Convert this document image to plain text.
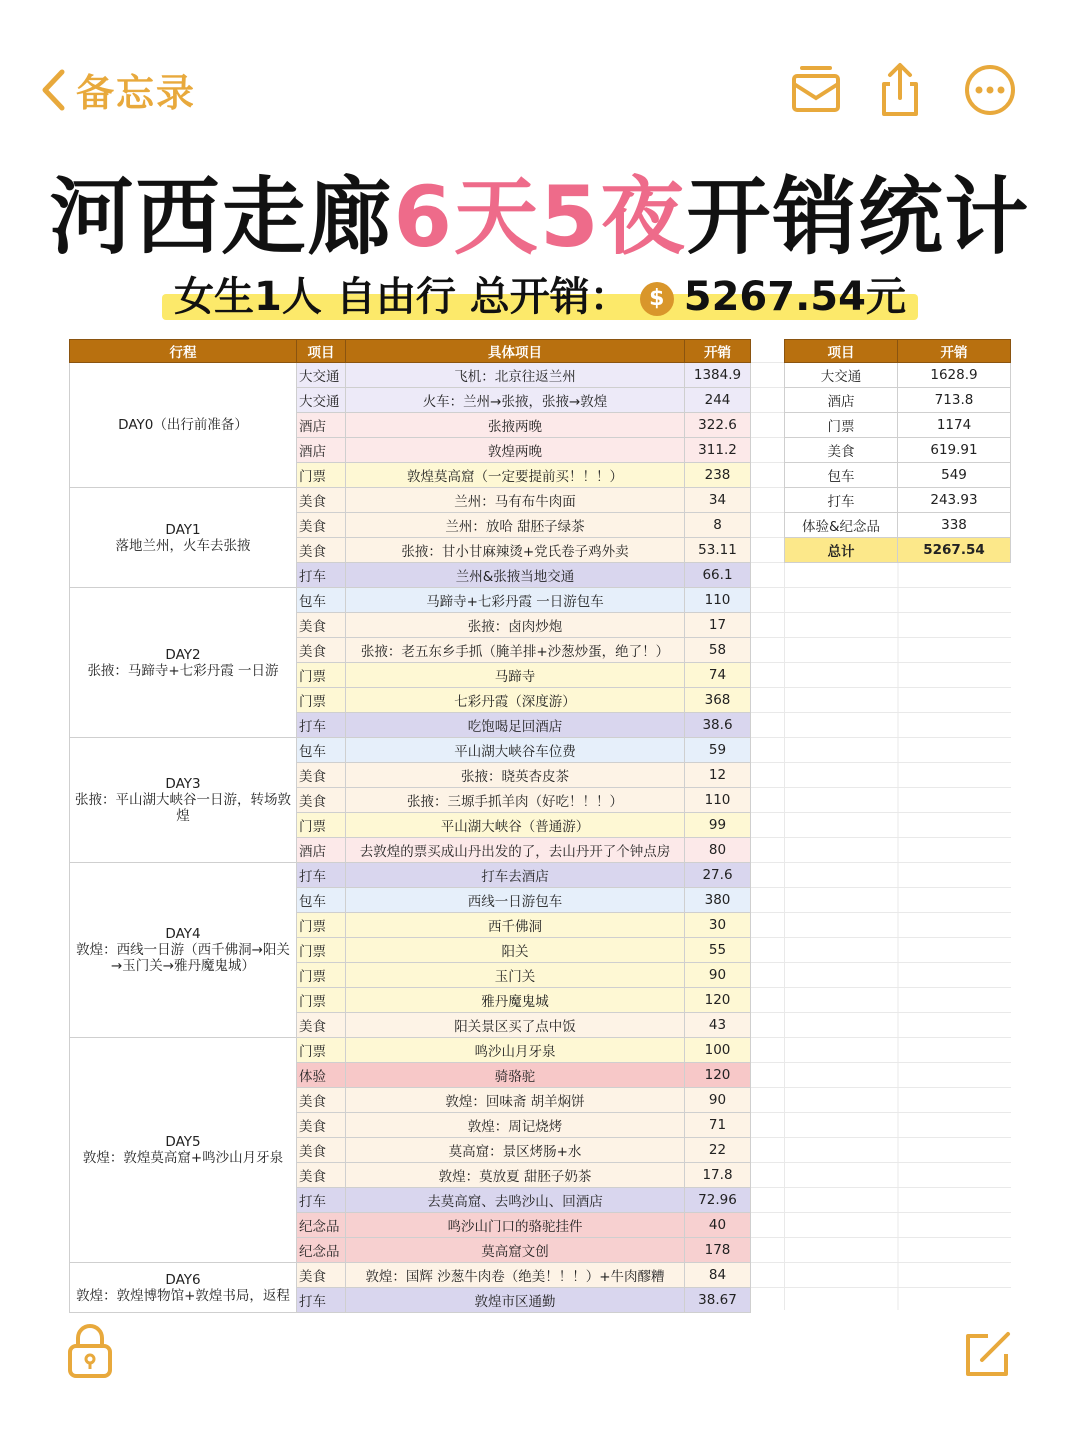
备忘录
河西走廊6天5夜开销统计
女生1人 自由行 总开销： $ 5267.54元
行程	项目	具体项目	开销

DAY0（出行前准备）	大交通	飞机：北京往返兰州	1384.9
	大交通	火车：兰州→张掖，张掖→敦煌	244
	酒店	张掖两晚	322.6
	酒店	敦煌两晚	311.2
	门票	敦煌莫高窟（一定要提前买！！！）	238

DAY1
落地兰州，火车去张掖	美食	兰州：马有布牛肉面	34
	美食	兰州：放哈 甜胚子绿茶	8
	美食	张掖：甘小甘麻辣烫+党氏卷子鸡外卖	53.11
	打车	兰州&张掖当地交通	66.1

DAY2
张掖：马蹄寺+七彩丹霞 一日游	包车	马蹄寺+七彩丹霞 一日游包车	110
	美食	张掖：卤肉炒炮	17
	美食	张掖：老五东乡手抓（腌羊排+沙葱炒蛋，绝了！）	58
	门票	马蹄寺	74
	门票	七彩丹霞（深度游）	368
	打车	吃饱喝足回酒店	38.6

DAY3
张掖：平山湖大峡谷一日游，转场敦煌	包车	平山湖大峡谷车位费	59
	美食	张掖：晓英杏皮茶	12
	美食	张掖：三塬手抓羊肉（好吃！！！）	110
	门票	平山湖大峡谷（普通游）	99
	酒店	去敦煌的票买成山丹出发的了，去山丹开了个钟点房	80

DAY4
敦煌：西线一日游（西千佛洞→阳关→玉门关→雅丹魔鬼城）	打车	打车去酒店	27.6
	包车	西线一日游包车	380
	门票	西千佛洞	30
	门票	阳关	55
	门票	玉门关	90
	门票	雅丹魔鬼城	120
	美食	阳关景区买了点中饭	43

DAY5
敦煌：敦煌莫高窟+鸣沙山月牙泉	门票	鸣沙山月牙泉	100
	体验	骑骆驼	120
	美食	敦煌：回味斋 胡羊焖饼	90
	美食	敦煌：周记烧烤	71
	美食	莫高窟：景区烤肠+水	22
	美食	敦煌：莫放夏 甜胚子奶茶	17.8
	打车	去莫高窟、去鸣沙山、回酒店	72.96
	纪念品	鸣沙山门口的骆驼挂件	40
	纪念品	莫高窟文创	178

DAY6
敦煌：敦煌博物馆+敦煌书局，返程	美食	敦煌：国辉 沙葱牛肉卷（绝美！！！）+牛肉醪糟	84
	打车	敦煌市区通勤	38.67
项目	开销
大交通	1628.9
酒店	713.8
门票	1174
美食	619.91
包车	549
打车	243.93
体验&纪念品	338
总计	5267.54
